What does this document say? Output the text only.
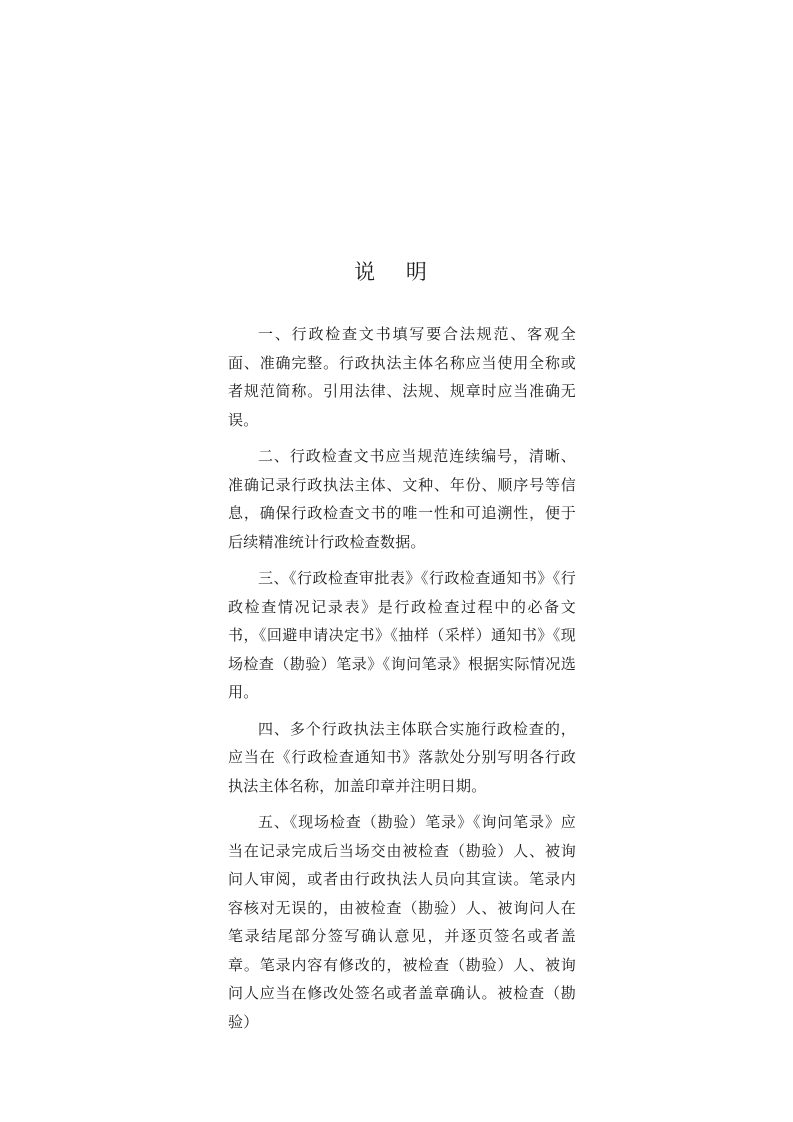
说 明

一、行政检查文书填写要合法规范、客观全面、准确完整。行政执法主体名称应当使用全称或者规范简称。引用法律、法规、规章时应当准确无误。

二、行政检查文书应当规范连续编号，清晰、准确记录行政执法主体、文种、年份、顺序号等信息，确保行政检查文书的唯一性和可追溯性，便于后续精准统计行政检查数据。

三、《行政检查审批表》《行政检查通知书》《行政检查情况记录表》是行政检查过程中的必备文书，《回避申请决定书》《抽样（采样）通知书》《现场检查（勘验）笔录》《询问笔录》根据实际情况选用。

四、多个行政执法主体联合实施行政检查的，应当在《行政检查通知书》落款处分别写明各行政执法主体名称，加盖印章并注明日期。

五、《现场检查（勘验）笔录》《询问笔录》应当在记录完成后当场交由被检查（勘验）人、被询问人审阅，或者由行政执法人员向其宣读。笔录内容核对无误的，由被检查（勘验）人、被询问人在笔录结尾部分签写确认意见，并逐页签名或者盖章。笔录内容有修改的，被检查（勘验）人、被询问人应当在修改处签名或者盖章确认。被检查（勘验）
